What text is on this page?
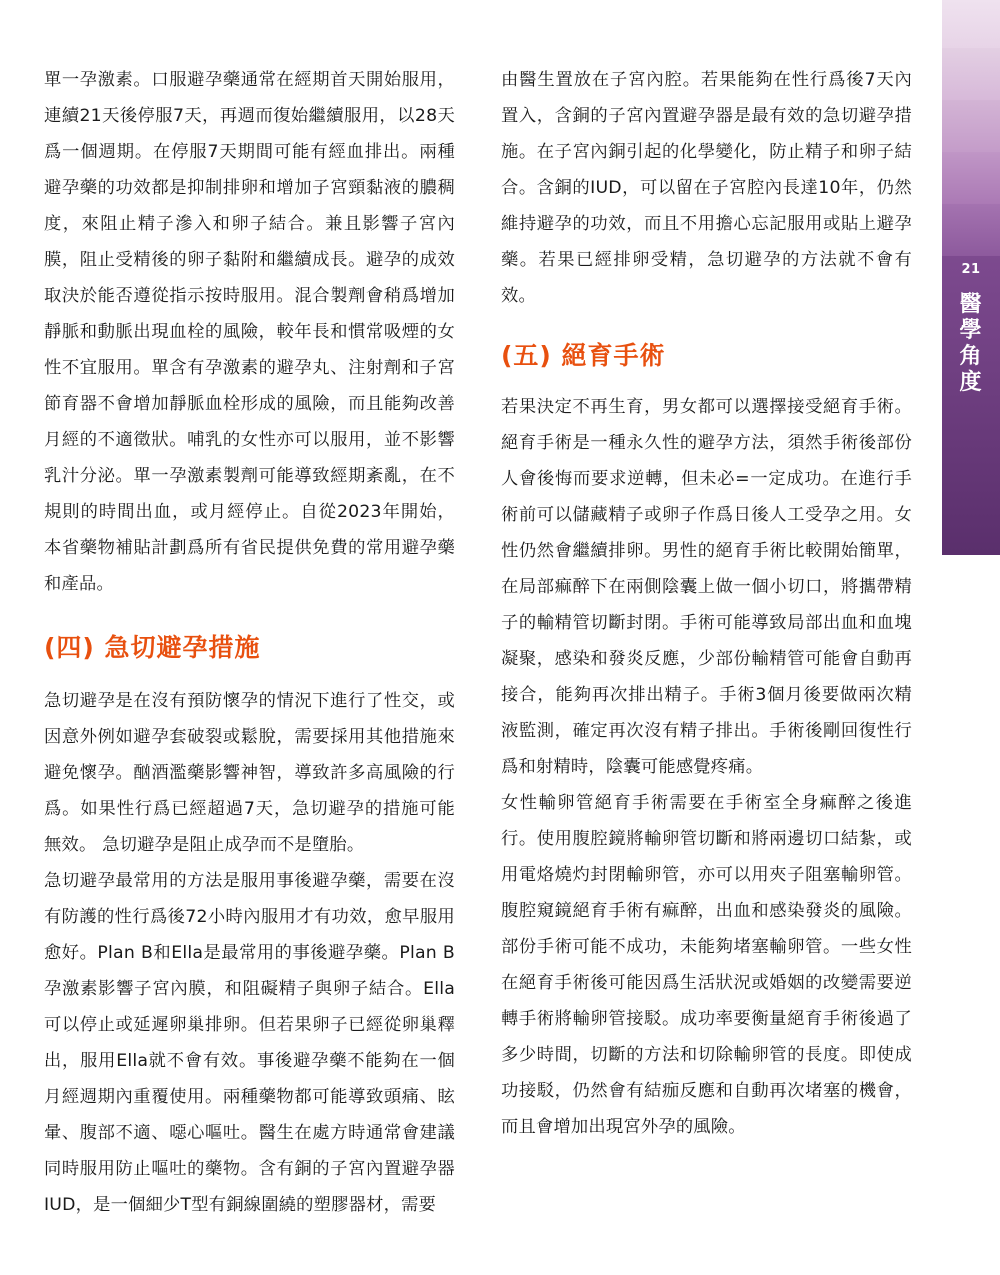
21
醫
學
角
度

單一孕激素。口服避孕藥通常在經期首天開始服用，連續21天後停服7天，再週而復始繼續服用，以28天爲一個週期。在停服7天期間可能有經血排出。兩種避孕藥的功效都是抑制排卵和增加子宮頸黏液的膿稠度，來阻止精子滲入和卵子結合。兼且影響子宮內膜，阻止受精後的卵子黏附和繼續成長。避孕的成效取決於能否遵從指示按時服用。混合製劑會稍爲增加靜脈和動脈出現血栓的風險，較年長和慣常吸煙的女性不宜服用。單含有孕激素的避孕丸、注射劑和子宮節育器不會增加靜脈血栓形成的風險，而且能夠改善月經的不適徵狀。哺乳的女性亦可以服用，並不影響乳汁分泌。單一孕激素製劑可能導致經期紊亂，在不規則的時間出血，或月經停止。自從2023年開始，本省藥物補貼計劃爲所有省民提供免費的常用避孕藥和產品。

(四) 急切避孕措施

急切避孕是在沒有預防懷孕的情況下進行了性交，或因意外例如避孕套破裂或鬆脫，需要採用其他措施來避免懷孕。酗酒濫藥影響神智，導致許多高風險的行爲。如果性行爲已經超過7天，急切避孕的措施可能無效。 急切避孕是阻止成孕而不是墮胎。

急切避孕最常用的方法是服用事後避孕藥，需要在沒有防護的性行爲後72小時內服用才有功效，愈早服用愈好。Plan B和Ella是最常用的事後避孕藥。Plan B孕激素影響子宮內膜，和阻礙精子與卵子結合。Ella可以停止或延遲卵巢排卵。但若果卵子已經從卵巢釋出，服用Ella就不會有效。事後避孕藥不能夠在一個月經週期內重覆使用。兩種藥物都可能導致頭痛、眩暈、腹部不適、噁心嘔吐。醫生在處方時通常會建議同時服用防止嘔吐的藥物。含有銅的子宮內置避孕器IUD，是一個細少T型有銅線圍繞的塑膠器材，需要

由醫生置放在子宮內腔。若果能夠在性行爲後7天內置入，含銅的子宮內置避孕器是最有效的急切避孕措施。在子宮內銅引起的化學變化，防止精子和卵子結合。含銅的IUD，可以留在子宮腔內長達10年，仍然維持避孕的功效，而且不用擔心忘記服用或貼上避孕藥。若果已經排卵受精，急切避孕的方法就不會有效。

(五) 絕育手術

若果決定不再生育，男女都可以選擇接受絕育手術。絕育手術是一種永久性的避孕方法，須然手術後部份人會後悔而要求逆轉，但未必=一定成功。在進行手術前可以儲藏精子或卵子作爲日後人工受孕之用。女性仍然會繼續排卵。男性的絕育手術比較開始簡單，在局部痲醉下在兩側陰囊上做一個小切口，將攜帶精子的輸精管切斷封閉。手術可能導致局部出血和血塊凝聚，感染和發炎反應，少部份輸精管可能會自動再接合，能夠再次排出精子。手術3個月後要做兩次精液監測，確定再次沒有精子排出。手術後剛回復性行爲和射精時，陰囊可能感覺疼痛。

女性輸卵管絕育手術需要在手術室全身痲醉之後進行。使用腹腔鏡將輸卵管切斷和將兩邊切口結紮，或用電烙燒灼封閉輸卵管，亦可以用夾子阻塞輸卵管。腹腔窺鏡絕育手術有痲醉，出血和感染發炎的風險。部份手術可能不成功，未能夠堵塞輸卵管。一些女性在絕育手術後可能因爲生活狀況或婚姻的改變需要逆轉手術將輸卵管接駁。成功率要衡量絕育手術後過了多少時間，切斷的方法和切除輸卵管的長度。即使成功接駁，仍然會有結痂反應和自動再次堵塞的機會，而且會增加出現宮外孕的風險。
